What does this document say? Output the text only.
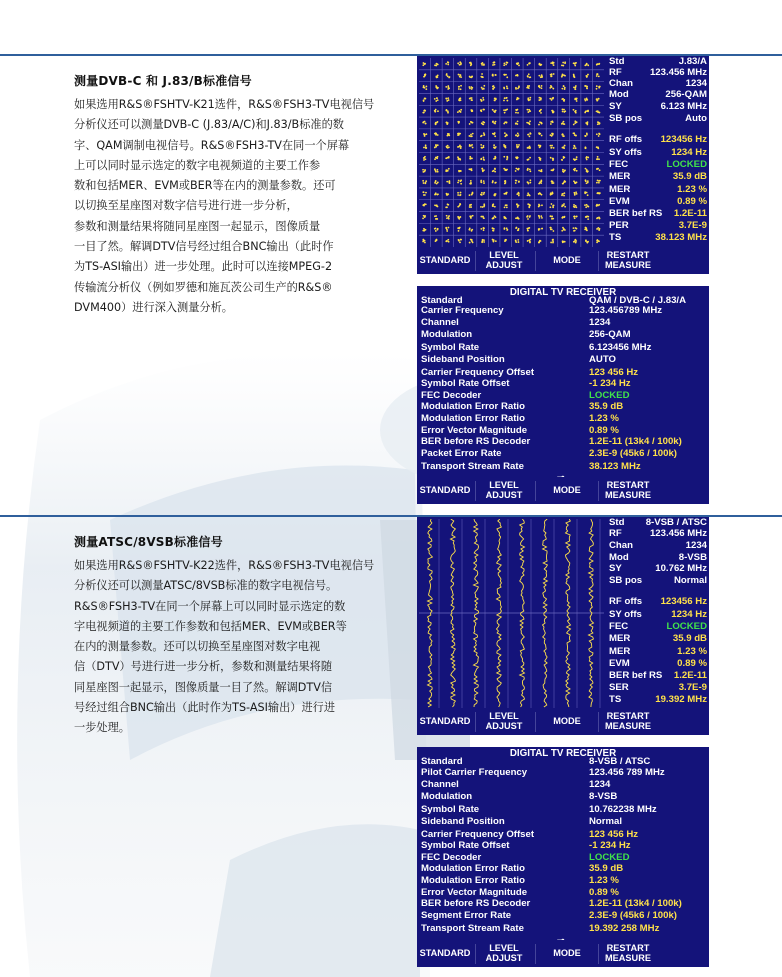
测量DVB-C 和 J.83/B标准信号

如果选用R&S®FSHTV-K21选件，R&S®FSH3-TV电视信号
分析仪还可以测量DVB-C (J.83/A/C)和J.83/B标准的数
字、QAM调制电视信号。R&S®FSH3-TV在同一个屏幕
上可以同时显示选定的数字电视频道的主要工作参
数和包括MER、EVM或BER等在内的测量参数。还可
以切换至星座图对数字信号进行进一步分析，
参数和测量结果将随同星座图一起显示，图像质量
一目了然。解调DTV信号经过组合BNC输出（此时作
为TS-ASI输出）进一步处理。此时可以连接MPEG-2
传输流分析仪（例如罗德和施瓦茨公司生产的R&S®
DVM400）进行深入测量分析。

测量ATSC/8VSB标准信号

如果选用R&S®FSHTV-K22选件，R&S®FSH3-TV电视信号
分析仪还可以测量ATSC/8VSB标准的数字电视信号。
R&S®FSH3-TV在同一个屏幕上可以同时显示选定的数
字电视频道的主要工作参数和包括MER、EVM或BER等
在内的测量参数。还可以切换至星座图对数字电视
信（DTV）号进行进一步分析，参数和测量结果将随
同星座图一起显示，图像质量一目了然。解调DTV信
号经过组合BNC输出（此时作为TS-ASI输出）进行进
一步处理。

Std	J.83/A
RF	123.456 MHz
Chan	1234
Mod	256-QAM
SY	6.123 MHz
SB pos	Auto
RF offs 123456 Hz
SY offs	1234 Hz
FEC	LOCKED
MER	35.9 dB
MER	1.23 %
EVM	0.89 %
BER bef RS 1.2E-11
PER	3.7E-9
TS	38.123 MHz
STANDARD	LEVEL
ADJUST	MODE	RESTART
MEASURE
DIGITAL TV RECEIVER
Standard	QAM / DVB-C / J.83/A
Carrier Frequency	123.456789 MHz
Channel	1234
Modulation	256-QAM
Symbol Rate	6.123456 MHz
Sideband Position	AUTO
Carrier Frequency Offset	123 456 Hz
Symbol Rate Offset	-1 234 Hz
FEC Decoder	LOCKED
Modulation Error Ratio	35.9 dB
Modulation Error Ratio	1.23 %
Error Vector Magnitude	0.89 %
BER before RS Decoder	1.2E-11 (13k4 / 100k)
Packet Error Rate	2.3E-9 (45k6 / 100k)
Transport Stream Rate	38.123 MHz
STANDARD	LEVEL
ADJUST	MODE	RESTART
MEASURE
Std 8-VSB / ATSC
RF	123.456 MHz
Chan	1234
Mod	8-VSB
SY	10.762 MHz
SB pos	Normal
RF offs 123456 Hz
SY offs	1234 Hz
FEC	LOCKED
MER	35.9 dB
MER	1.23 %
EVM	0.89 %
BER bef RS 1.2E-11
SER	3.7E-9
TS	19.392 MHz
STANDARD	LEVEL
ADJUST	MODE	RESTART
MEASURE
DIGITAL TV RECEIVER
Standard	8-VSB / ATSC
Pilot Carrier Frequency	123.456 789 MHz
Channel	1234
Modulation	8-VSB
Symbol Rate	10.762238 MHz
Sideband Position	Normal
Carrier Frequency Offset	123 456 Hz
Symbol Rate Offset	-1 234 Hz
FEC Decoder	LOCKED
Modulation Error Ratio	35.9 dB
Modulation Error Ratio	1.23 %
Error Vector Magnitude	0.89 %
BER before RS Decoder	1.2E-11 (13k4 / 100k)
Segment Error Rate	2.3E-9 (45k6 / 100k)
Transport Stream Rate	19.392 258 MHz
STANDARD	LEVEL
ADJUST	MODE	RESTART
MEASURE
